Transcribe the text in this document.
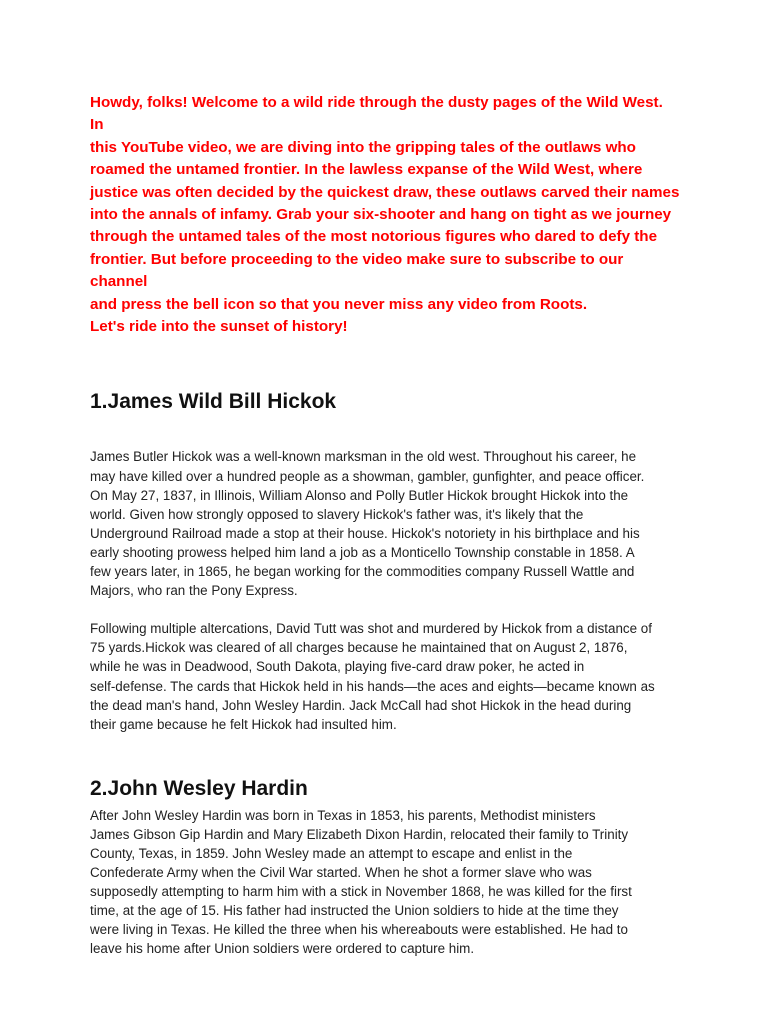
Howdy, folks! Welcome to a wild ride through the dusty pages of the Wild West. In
this YouTube video, we are diving into the gripping tales of the outlaws who
roamed the untamed frontier. In the lawless expanse of the Wild West, where
justice was often decided by the quickest draw, these outlaws carved their names
into the annals of infamy. Grab your six-shooter and hang on tight as we journey
through the untamed tales of the most notorious figures who dared to defy the
frontier. But before proceeding to the video make sure to subscribe to our channel
and press the bell icon so that you never miss any video from Roots.
Let's ride into the sunset of history!

1.James Wild Bill Hickok

James Butler Hickok was a well-known marksman in the old west. Throughout his career, he
may have killed over a hundred people as a showman, gambler, gunfighter, and peace officer.
On May 27, 1837, in Illinois, William Alonso and Polly Butler Hickok brought Hickok into the
world. Given how strongly opposed to slavery Hickok's father was, it's likely that the
Underground Railroad made a stop at their house. Hickok's notoriety in his birthplace and his
early shooting prowess helped him land a job as a Monticello Township constable in 1858. A
few years later, in 1865, he began working for the commodities company Russell Wattle and
Majors, who ran the Pony Express.

Following multiple altercations, David Tutt was shot and murdered by Hickok from a distance of
75 yards.Hickok was cleared of all charges because he maintained that on August 2, 1876,
while he was in Deadwood, South Dakota, playing five-card draw poker, he acted in
self-defense. The cards that Hickok held in his hands—the aces and eights—became known as
the dead man's hand, John Wesley Hardin. Jack McCall had shot Hickok in the head during
their game because he felt Hickok had insulted him.

2.John Wesley Hardin

After John Wesley Hardin was born in Texas in 1853, his parents, Methodist ministers
James Gibson Gip Hardin and Mary Elizabeth Dixon Hardin, relocated their family to Trinity
County, Texas, in 1859. John Wesley made an attempt to escape and enlist in the
Confederate Army when the Civil War started. When he shot a former slave who was
supposedly attempting to harm him with a stick in November 1868, he was killed for the first
time, at the age of 15. His father had instructed the Union soldiers to hide at the time they
were living in Texas. He killed the three when his whereabouts were established. He had to
leave his home after Union soldiers were ordered to capture him.
